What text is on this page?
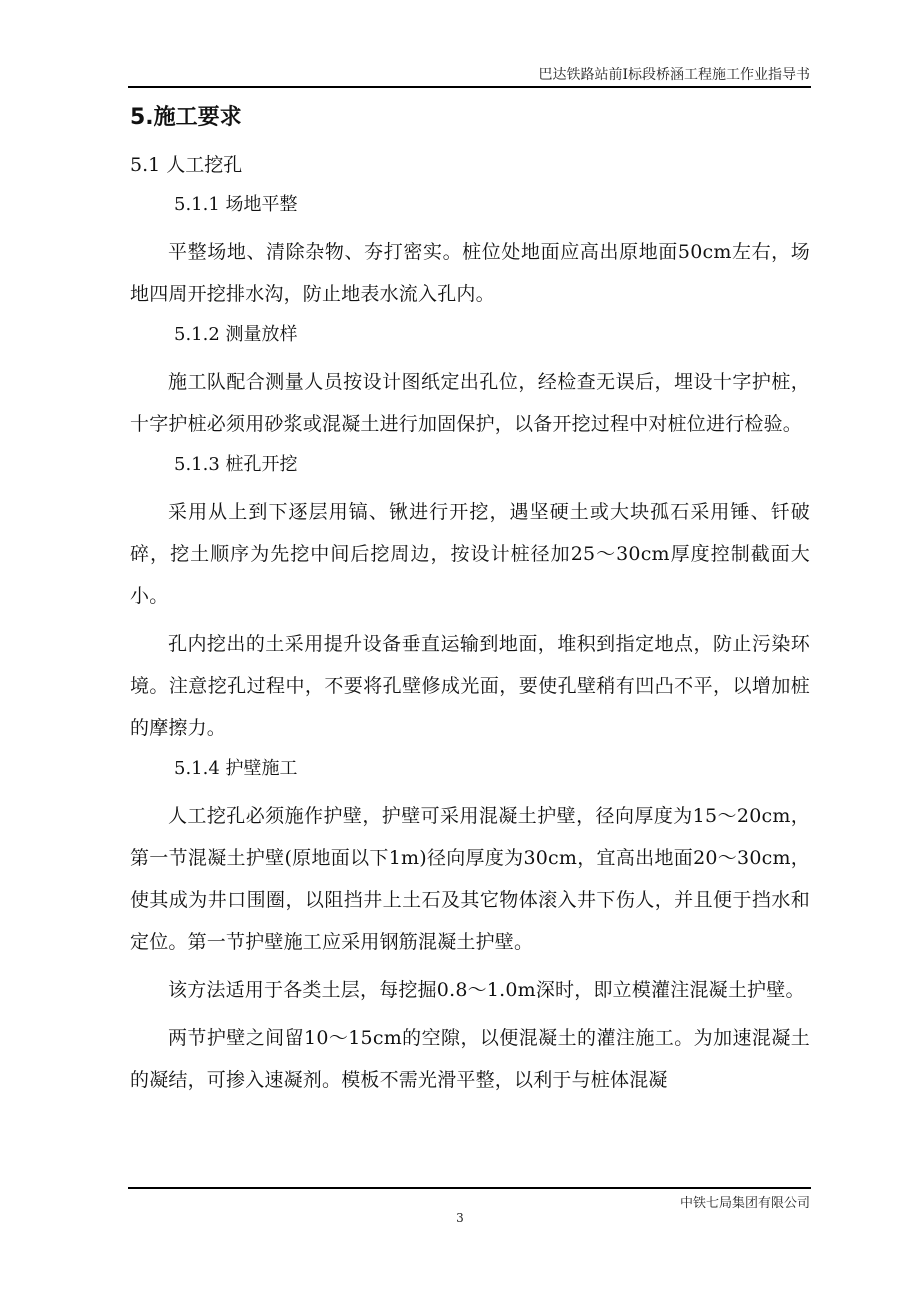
巴达铁路站前Ⅰ标段桥涵工程施工作业指导书
5.施工要求
5.1 人工挖孔
5.1.1 场地平整
平整场地、清除杂物、夯打密实。桩位处地面应高出原地面50cm左右，场地四周开挖排水沟，防止地表水流入孔内。
5.1.2 测量放样
施工队配合测量人员按设计图纸定出孔位，经检查无误后，埋设十字护桩，十字护桩必须用砂浆或混凝土进行加固保护，以备开挖过程中对桩位进行检验。
5.1.3 桩孔开挖
采用从上到下逐层用镐、锹进行开挖，遇坚硬土或大块孤石采用锤、钎破碎，挖土顺序为先挖中间后挖周边，按设计桩径加25～30cm厚度控制截面大小。
孔内挖出的土采用提升设备垂直运输到地面，堆积到指定地点，防止污染环境。注意挖孔过程中，不要将孔壁修成光面，要使孔壁稍有凹凸不平，以增加桩的摩擦力。
5.1.4 护壁施工
人工挖孔必须施作护壁，护壁可采用混凝土护壁，径向厚度为15～20cm，第一节混凝土护壁(原地面以下1m)径向厚度为30cm，宜高出地面20～30cm，使其成为井口围圈，以阻挡井上土石及其它物体滚入井下伤人，并且便于挡水和定位。第一节护壁施工应采用钢筋混凝土护壁。
该方法适用于各类土层，每挖掘0.8～1.0m深时，即立模灌注混凝土护壁。
两节护壁之间留10～15cm的空隙，以便混凝土的灌注施工。为加速混凝土的凝结，可掺入速凝剂。模板不需光滑平整，以利于与桩体混凝
中铁七局集团有限公司
3
